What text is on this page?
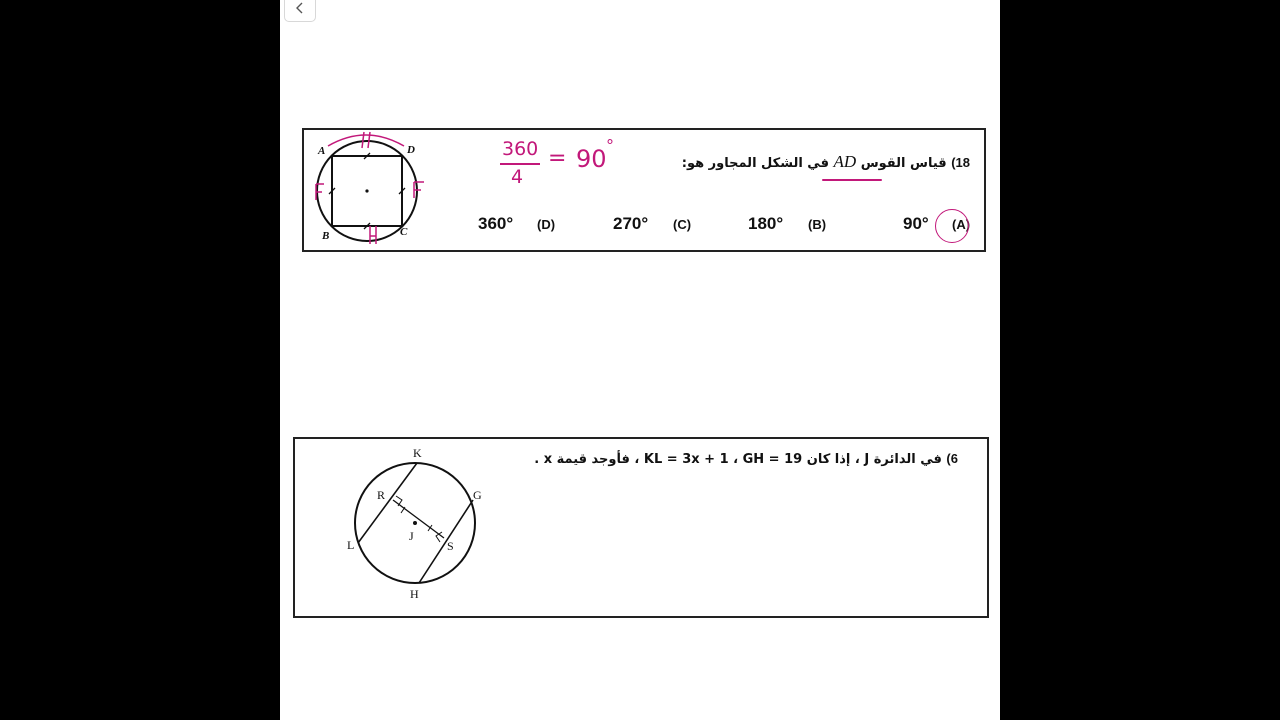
A	D
B	C
360
4
= 90 °
18) قياس القوس AD في الشكل المجاور هو:
90° (A)
180° (B)
270° (C)
360° (D)
6) في الدائرة J ، إذا كان KL = 3x + 1 ، GH = 19 ، فأوجد قيمة x .
K
G
R
J
S
L
H
